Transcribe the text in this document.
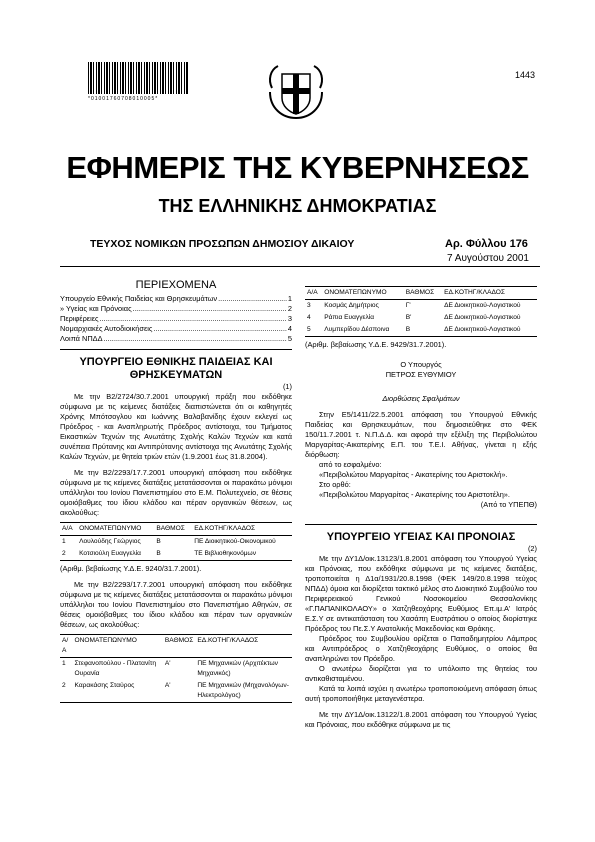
*01001760708010005*
1443
ΕΦΗΜΕΡΙΣ ΤΗΣ ΚΥΒΕΡΝΗΣΕΩΣ
ΤΗΣ ΕΛΛΗΝΙΚΗΣ ΔΗΜΟΚΡΑΤΙΑΣ
ΤΕΥΧΟΣ ΝΟΜΙΚΩΝ ΠΡΟΣΩΠΩΝ ΔΗΜΟΣΙΟΥ ΔΙΚΑΙΟΥ	Αρ. Φύλλου 176
7 Αυγούστου 2001
ΠΕΡΙΕΧΟΜΕΝΑ
Υπουργείο Εθνικής Παιδείας και Θρησκευμάτων .....	1
» Υγείας και Πρόνοιας .....	2
Περιφέρειες .....	3
Νομαρχιακές Αυτοδιοικήσεις .....	4
Λοιπά ΝΠΔΔ .....	5
ΥΠΟΥΡΓΕΙΟ ΕΘΝΙΚΗΣ ΠΑΙΔΕΙΑΣ ΚΑΙ
ΘΡΗΣΚΕΥΜΑΤΩΝ
(1)

Με την Β2/2724/30.7.2001 υπουργική πράξη που εκδόθηκε σύμφωνα με τις κείμενες διατάξεις διαπιστώνεται ότι οι καθηγητές Χρόνης Μπότσογλου και Ιωάννης Βαλαβανίδης έχουν εκλεγεί ως Πρόεδρος - και Αναπληρωτής Πρόεδρος αντίστοιχα, του Τμήματος Εικαστικών Τεχνών της Ανωτάτης Σχολής Καλών Τεχνών και κατά συνέπεια Πρύτανης και Αντιπρύτανης αντίστοιχα της Ανωτάτης Σχολής Καλών Τεχνών, με θητεία τριών ετών (1.9.2001 έως 31.8.2004).

Με την Β2/2293/17.7.2001 υπουργική απόφαση που εκδόθηκε σύμφωνα με τις κείμενες διατάξεις μετατάσσονται οι παρακάτω μόνιμοι υπάλληλοι του Ιονίου Πανεπιστημίου στο Ε.Μ. Πολυτεχνείο, σε θέσεις ομοιόβαθμες του ίδιου κλάδου και πέραν οργανικών θέσεων, ως ακολούθως:

Α/Α	ΟΝΟΜΑΤΕΠΩΝΥΜΟ	ΒΑΘΜΟΣ	ΕΔ.ΚΟΤΗΓ/ΚΛΑΔΟΣ
1	Λουλούδης Γεώργιος	Β	ΠΕ Διοικητικού-Οικονομικού
2	Κοτσιούλη Ευαγγελία	Β	ΤΕ Βιβλιοθηκονόμων
(Αριθμ. βεβαίωσης Υ.Δ.Ε. 9240/31.7.2001).

Με την Β2/2293/17.7.2001 υπουργική απόφαση που εκδόθηκε σύμφωνα με τις κείμενες διατάξεις μετατάσσονται οι παρακάτω μόνιμοι υπάλληλοι του Ιονίου Πανεπιστημίου στο Πανεπιστήμιο Αθηνών, σε θέσεις ομοιόβαθμες του ίδιου κλάδου και πέραν των οργανικών θέσεων, ως ακολούθως:

Α/Α	ΟΝΟΜΑΤΕΠΩΝΥΜΟ	ΒΑΘΜΟΣ	ΕΔ.ΚΟΤΗΓ/ΚΛΑΔΟΣ
1	Στεφανοπούλου - Πλατανίτη Ουρανία	Α'	ΠΕ Μηχανικών (Αρχιτέκτων Μηχανικός)
2	Καρακάσης Σταύρος	Α'	ΠΕ Μηχανικών (Μηχανολόγων-Ηλεκτρολόγος)
Α/Α	ΟΝΟΜΑΤΕΠΩΝΥΜΟ	ΒΑΘΜΟΣ	ΕΔ.ΚΟΤΗΓ/ΚΛΑΔΟΣ
3	Κοσμάς Δημήτριος	Γ'	ΔΕ Διοικητικού-Λογιστικού
4	Ράπια Ευαγγελία	Β'	ΔΕ Διοικητικού-Λογιστικού
5	Λυμπερίδου Δέσποινα	Β	ΔΕ Διοικητικού-Λογιστικού
(Αριθμ. βεβαίωσης Υ.Δ.Ε. 9429/31.7.2001).
Ο Υπουργός
ΠΕΤΡΟΣ ΕΥΘΥΜΙΟΥ
Διορθώσεις Σφαλμάτων

Στην Ε5/1411/22.5.2001 απόφαση του Υπουργού Εθνικής Παιδείας και Θρησκευμάτων, που δημοσιεύθηκε στο ΦΕΚ 150/11.7.2001 τ. Ν.Π.Δ.Δ. και αφορά την εξέλιξη της Περιβολιώτου Μαργαρίτας-Αικατερίνης Ε.Π. του Τ.Ε.Ι. Αθήνας, γίνεται η εξής διόρθωση:

από το εσφαλμένο:

«Περιβολιώτου Μαργαρίτας - Αικατερίνης του Αριστοκλή».

Στο ορθό:

«Περιβολιώτου Μαργαρίτας - Αικατερίνης του Αριστοτέλη».

(Από το ΥΠΕΠΘ)
ΥΠΟΥΡΓΕΙΟ ΥΓΕΙΑΣ ΚΑΙ ΠΡΟΝΟΙΑΣ
(2)

Με την ΔΥ1Δ/οικ.13123/1.8.2001 απόφαση του Υπουργού Υγείας και Πρόνοιας, που εκδόθηκε σύμφωνα με τις κείμενες διατάξεις, τροποποιείται η Δ1α/1931/20.8.1998 (ΦΕΚ 149/20.8.1998 τεύχος ΝΠΔΔ) όμοια και διορίζεται τακτικό μέλος στο Διοικητικό Συμβούλιο του Περιφερειακού Γενικού Νοσοκομείου Θεσσαλονίκης «Γ.ΠΑΠΑΝΙΚΟΛΑΟΥ» ο Χατζηθεοχάρης Ευθύμιος Επ.ιμ.Α' Ιατρός Ε.Σ.Υ σε αντικατάσταση του Χασάπη Ευστράτιου ο οποίος διορίστηκε Πρόεδρος του Πε.Σ.Υ Ανατολικής Μακεδονίας και Θράκης.

Πρόεδρος του Συμβουλίου ορίζεται ο Παπαδημητρίου Λάμπρος και Αντιπρόεδρος ο Χατζηθεοχάρης Ευθύμιος, ο οποίος θα αναπληρώνει τον Πρόεδρο.

Ο ανωτέρω διορίζεται για το υπόλοιπο της θητείας του αντικαθισταμένου.

Κατά τα λοιπά ισχύει η ανωτέρω τροποποιούμενη απόφαση όπως αυτή τροποποιήθηκε μεταγενέστερα.

Με την ΔΥ1Δ/οικ.13122/1.8.2001 απόφαση του Υπουργού Υγείας και Πρόνοιας, που εκδόθηκε σύμφωνα με τις
